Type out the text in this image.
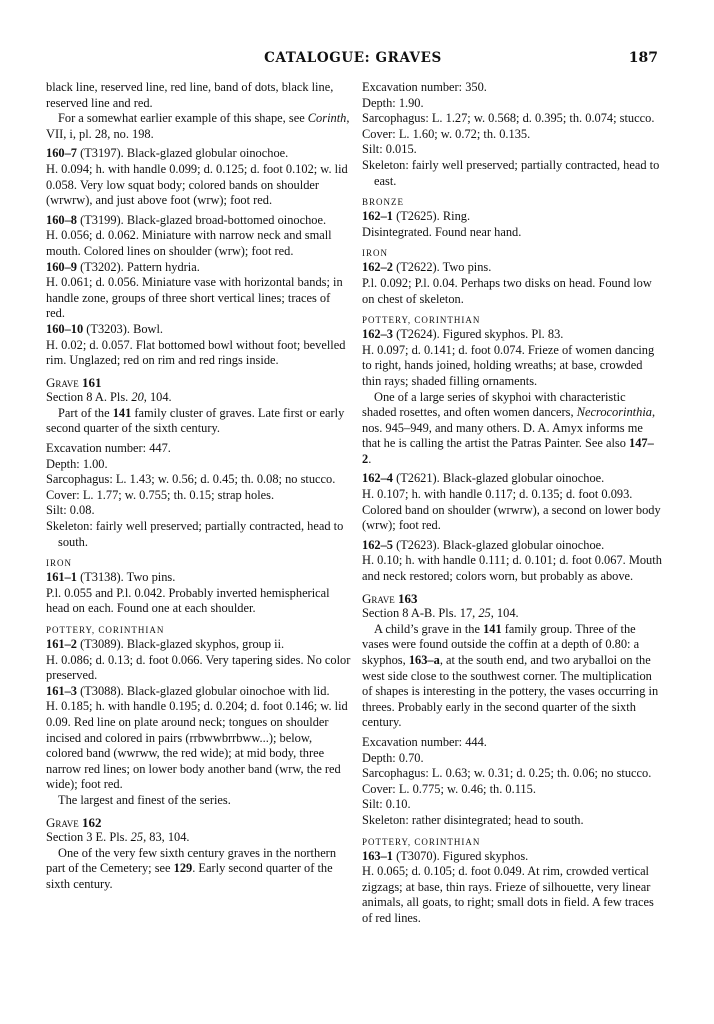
CATALOGUE: GRAVES	187

black line, reserved line, red line, band of dots, black line, reserved line and red.

For a somewhat earlier example of this shape, see Corinth, VII, i, pl. 28, no. 198.

160–7 (T3197). Black-glazed globular oinochoe.

H. 0.094; h. with handle 0.099; d. 0.125; d. foot 0.102; w. lid 0.058. Very low squat body; colored bands on shoulder (wrwrw), and just above foot (wrw); foot red.

160–8 (T3199). Black-glazed broad-bottomed oinochoe.

H. 0.056; d. 0.062. Miniature with narrow neck and small mouth. Colored lines on shoulder (wrw); foot red.

160–9 (T3202). Pattern hydria.

H. 0.061; d. 0.056. Miniature vase with horizontal bands; in handle zone, groups of three short vertical lines; traces of red.

160–10 (T3203). Bowl.

H. 0.02; d. 0.057. Flat bottomed bowl without foot; bevelled rim. Unglazed; red on rim and red rings inside.

Grave 161

Section 8 A. Pls. 20, 104.

Part of the 141 family cluster of graves. Late first or early second quarter of the sixth century.

Excavation number: 447.

Depth: 1.00.

Sarcophagus: L. 1.43; w. 0.56; d. 0.45; th. 0.08; no stucco.

Cover: L. 1.77; w. 0.755; th. 0.15; strap holes.

Silt: 0.08.

Skeleton: fairly well preserved; partially contracted, head to south.

IRON

161–1 (T3138). Two pins.

P.l. 0.055 and P.l. 0.042. Probably inverted hemispherical head on each. Found one at each shoulder.

POTTERY, CORINTHIAN

161–2 (T3089). Black-glazed skyphos, group ii.

H. 0.086; d. 0.13; d. foot 0.066. Very tapering sides. No color preserved.

161–3 (T3088). Black-glazed globular oinochoe with lid.

H. 0.185; h. with handle 0.195; d. 0.204; d. foot 0.146; w. lid 0.09. Red line on plate around neck; tongues on shoulder incised and colored in pairs (rrbwwbrrbww...); below, colored band (wwrww, the red wide); at mid body, three narrow red lines; on lower body another band (wrw, the red wide); foot red.

The largest and finest of the series.

Grave 162

Section 3 E. Pls. 25, 83, 104.

One of the very few sixth century graves in the northern part of the Cemetery; see 129. Early second quarter of the sixth century.

Excavation number: 350.

Depth: 1.90.

Sarcophagus: L. 1.27; w. 0.568; d. 0.395; th. 0.074; stucco.

Cover: L. 1.60; w. 0.72; th. 0.135.

Silt: 0.015.

Skeleton: fairly well preserved; partially contracted, head to east.

BRONZE

162–1 (T2625). Ring.

Disintegrated. Found near hand.

IRON

162–2 (T2622). Two pins.

P.l. 0.092; P.l. 0.04. Perhaps two disks on head. Found low on chest of skeleton.

POTTERY, CORINTHIAN

162–3 (T2624). Figured skyphos. Pl. 83.

H. 0.097; d. 0.141; d. foot 0.074. Frieze of women dancing to right, hands joined, holding wreaths; at base, crowded thin rays; shaded filling ornaments.

One of a large series of skyphoi with characteristic shaded rosettes, and often women dancers, Necrocorinthia, nos. 945–949, and many others. D. A. Amyx informs me that he is calling the artist the Patras Painter. See also 147–2.

162–4 (T2621). Black-glazed globular oinochoe.

H. 0.107; h. with handle 0.117; d. 0.135; d. foot 0.093. Colored band on shoulder (wrwrw), a second on lower body (wrw); foot red.

162–5 (T2623). Black-glazed globular oinochoe.

H. 0.10; h. with handle 0.111; d. 0.101; d. foot 0.067. Mouth and neck restored; colors worn, but probably as above.

Grave 163

Section 8 A-B. Pls. 17, 25, 104.

A child’s grave in the 141 family group. Three of the vases were found outside the coffin at a depth of 0.80: a skyphos, 163–a, at the south end, and two aryballoi on the west side close to the southwest corner. The multiplication of shapes is interesting in the pottery, the vases occurring in threes. Probably early in the second quarter of the sixth century.

Excavation number: 444.

Depth: 0.70.

Sarcophagus: L. 0.63; w. 0.31; d. 0.25; th. 0.06; no stucco.

Cover: L. 0.775; w. 0.46; th. 0.115.

Silt: 0.10.

Skeleton: rather disintegrated; head to south.

POTTERY, CORINTHIAN

163–1 (T3070). Figured skyphos.

H. 0.065; d. 0.105; d. foot 0.049. At rim, crowded vertical zigzags; at base, thin rays. Frieze of silhouette, very linear animals, all goats, to right; small dots in field. A few traces of red lines.
